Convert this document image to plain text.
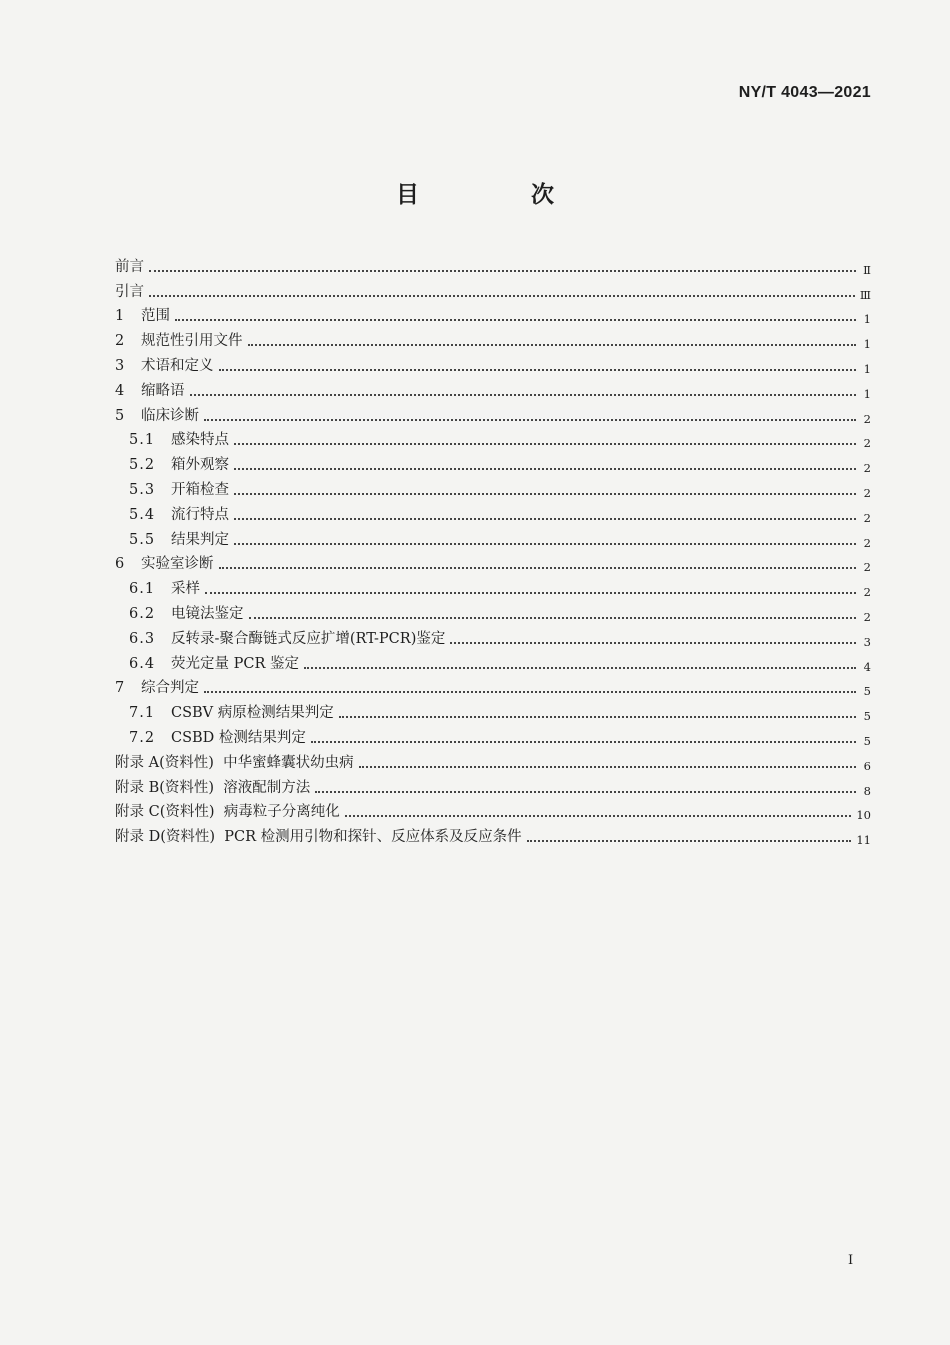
NY/T 4043—2021
目 次
前言	Ⅱ
引言	Ⅲ
1	范围	1
2	规范性引用文件	1
3	术语和定义	1
4	缩略语	1
5	临床诊断	2
5.1	感染特点	2
5.2	箱外观察	2
5.3	开箱检查	2
5.4	流行特点	2
5.5	结果判定	2
6	实验室诊断	2
6.1	采样	2
6.2	电镜法鉴定	2
6.3	反转录-聚合酶链式反应扩增(RT-PCR)鉴定	3
6.4	荧光定量 PCR 鉴定	4
7	综合判定	5
7.1	CSBV 病原检测结果判定	5
7.2	CSBD 检测结果判定	5
附录 A(资料性)  中华蜜蜂囊状幼虫病	6
附录 B(资料性)  溶液配制方法	8
附录 C(资料性)  病毒粒子分离纯化	10
附录 D(资料性)  PCR 检测用引物和探针、反应体系及反应条件	11
Ⅰ
